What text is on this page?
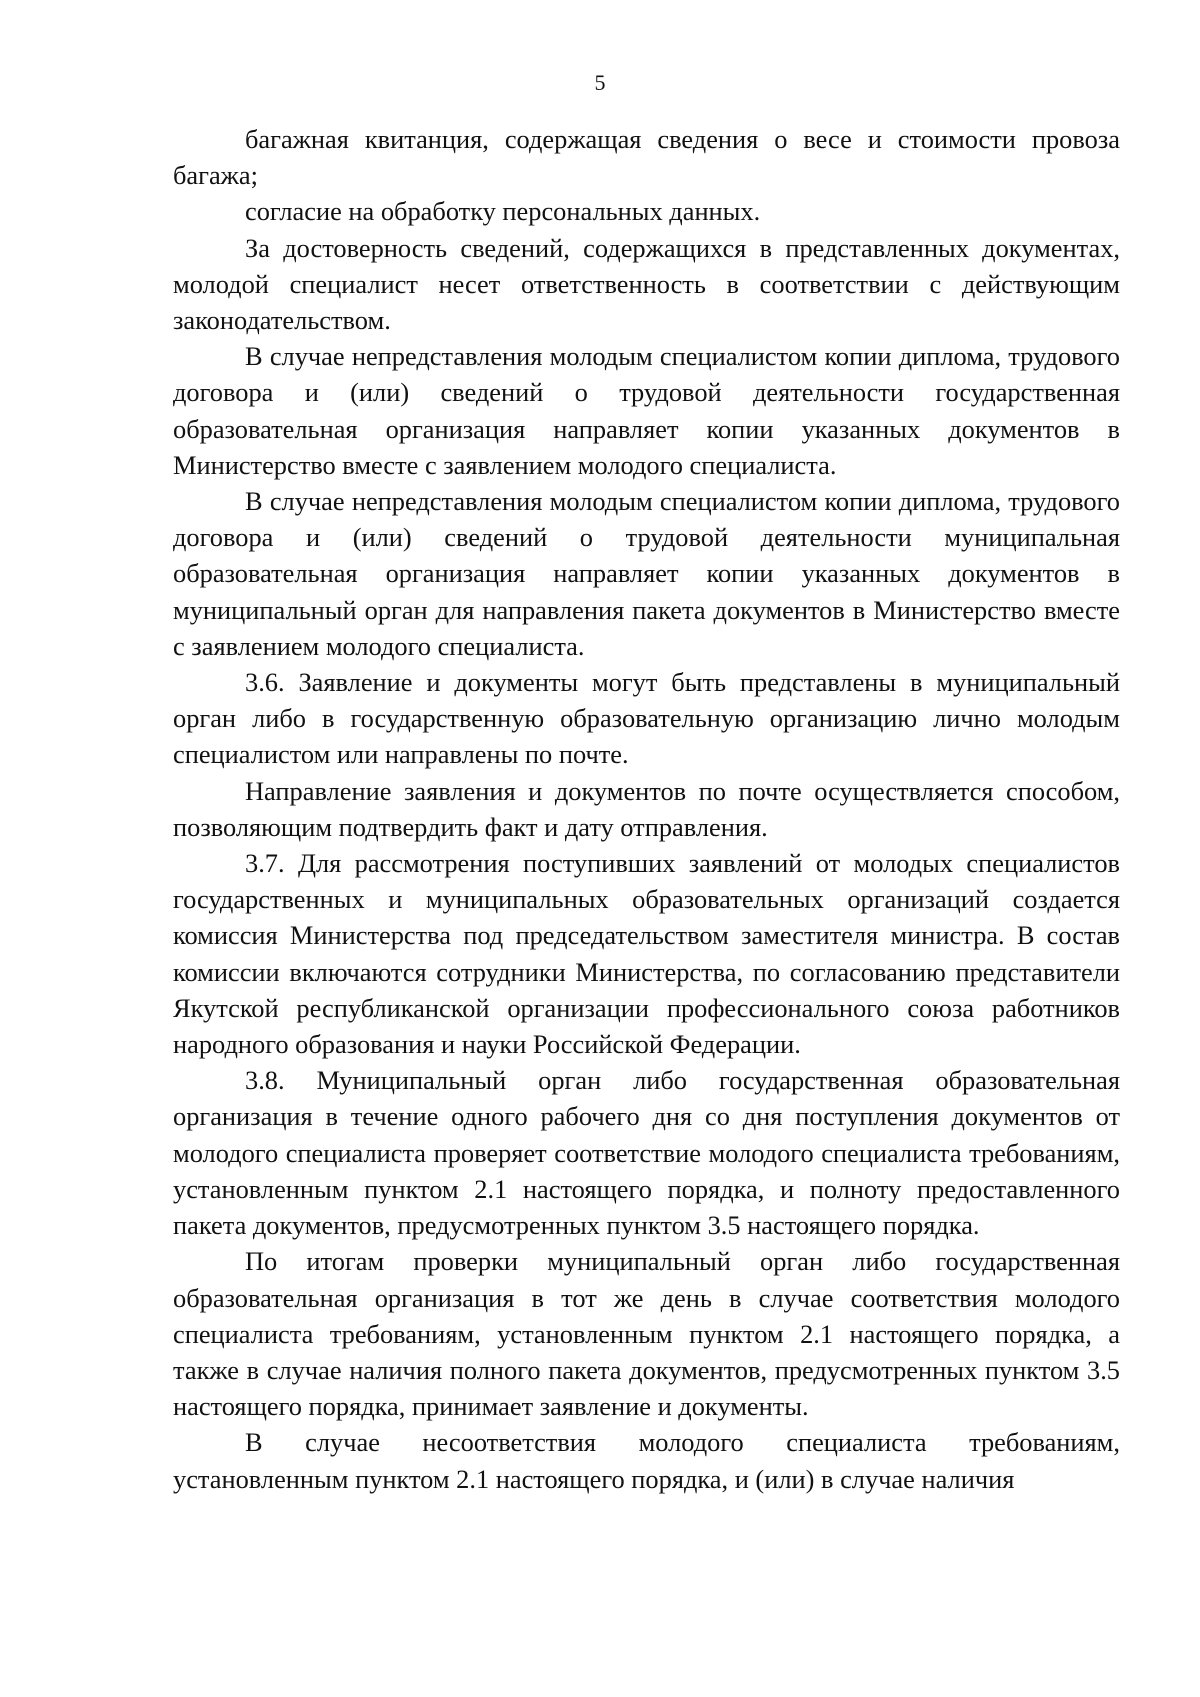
5

багажная квитанция, содержащая сведения о весе и стоимости провоза багажа;

согласие на обработку персональных данных.

За достоверность сведений, содержащихся в представленных документах, молодой специалист несет ответственность в соответствии с действующим законодательством.

В случае непредставления молодым специалистом копии диплома, трудового договора и (или) сведений о трудовой деятельности государственная образовательная организация направляет копии указанных документов в Министерство вместе с заявлением молодого специалиста.

В случае непредставления молодым специалистом копии диплома, трудового договора и (или) сведений о трудовой деятельности муниципальная образовательная организация направляет копии указанных документов в муниципальный орган для направления пакета документов в Министерство вместе с заявлением молодого специалиста.

3.6. Заявление и документы могут быть представлены в муниципальный орган либо в государственную образовательную организацию лично молодым специалистом или направлены по почте.

Направление заявления и документов по почте осуществляется способом, позволяющим подтвердить факт и дату отправления.

3.7. Для рассмотрения поступивших заявлений от молодых специалистов государственных и муниципальных образовательных организаций создается комиссия Министерства под председательством заместителя министра. В состав комиссии включаются сотрудники Министерства, по согласованию представители Якутской республиканской организации профессионального союза работников народного образования и науки Российской Федерации.

3.8. Муниципальный орган либо государственная образовательная организация в течение одного рабочего дня со дня поступления документов от молодого специалиста проверяет соответствие молодого специалиста требованиям, установленным пунктом 2.1 настоящего порядка, и полноту предоставленного пакета документов, предусмотренных пунктом 3.5 настоящего порядка.

По итогам проверки муниципальный орган либо государственная образовательная организация в тот же день в случае соответствия молодого специалиста требованиям, установленным пунктом 2.1 настоящего порядка, а также в случае наличия полного пакета документов, предусмотренных пунктом 3.5 настоящего порядка, принимает заявление и документы.

В случае несоответствия молодого специалиста требованиям, установленным пунктом 2.1 настоящего порядка, и (или) в случае наличия
